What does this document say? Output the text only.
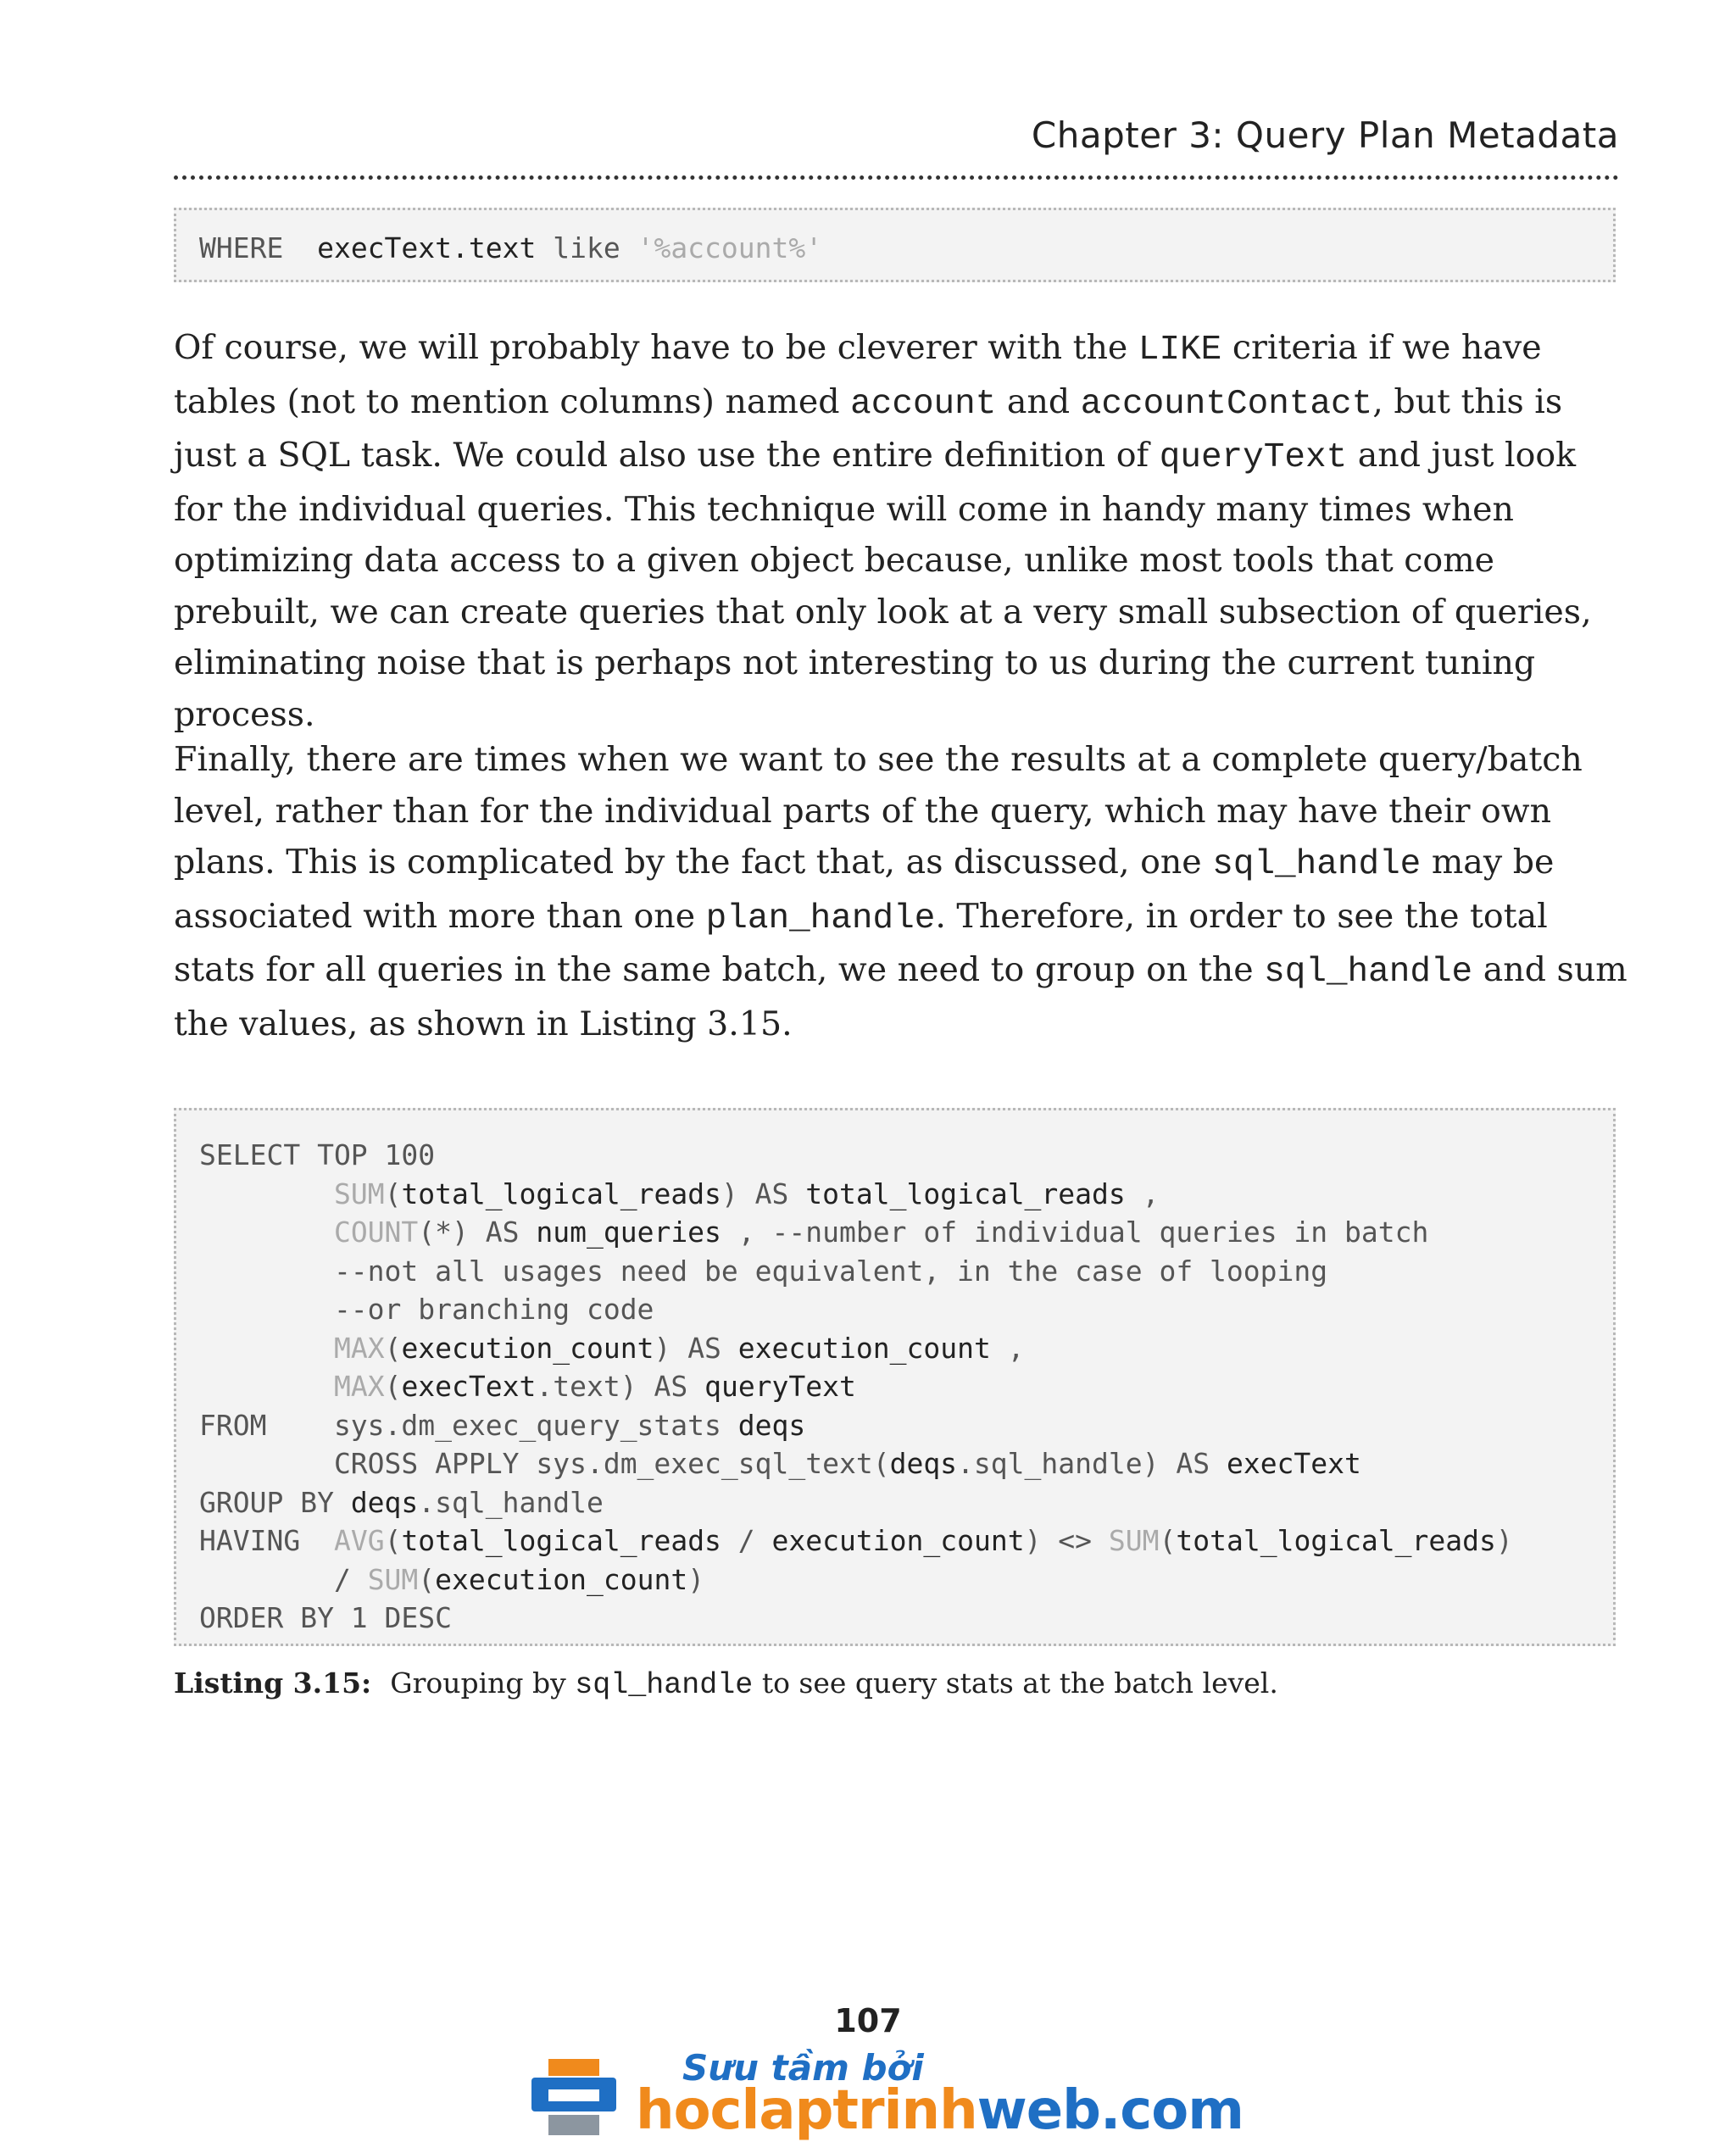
Chapter 3: Query Plan Metadata
WHERE  execText.text like '%account%'

Of course, we will probably have to be cleverer with the LIKE criteria if we have tables (not to mention columns) named account and accountContact, but this is just a SQL task. We could also use the entire definition of queryText and just look for the individual queries. This technique will come in handy many times when optimizing data access to a given object because, unlike most tools that come prebuilt, we can create queries that only look at a very small subsection of queries, eliminating noise that is perhaps not interesting to us during the current tuning process.

Finally, there are times when we want to see the results at a complete query/batch level, rather than for the individual parts of the query, which may have their own plans. This is complicated by the fact that, as discussed, one sql_handle may be associated with more than one plan_handle. Therefore, in order to see the total stats for all queries in the same batch, we need to group on the sql_handle and sum the values, as shown in Listing 3.15.

SELECT TOP 100
SUM(total_logical_reads) AS total_logical_reads ,
COUNT(*) AS num_queries , --number of individual queries in batch
--not all usages need be equivalent, in the case of looping
--or branching code
MAX(execution_count) AS execution_count ,
MAX(execText.text) AS queryText
FROM    sys.dm_exec_query_stats deqs
CROSS APPLY sys.dm_exec_sql_text(deqs.sql_handle) AS execText
GROUP BY deqs.sql_handle
HAVING  AVG(total_logical_reads / execution_count) <> SUM(total_logical_reads)
/ SUM(execution_count)
ORDER BY 1 DESC
Listing 3.15: Grouping by sql_handle to see query stats at the batch level.
107
Sưu tầm bởi
hoclaptrinhweb.com
